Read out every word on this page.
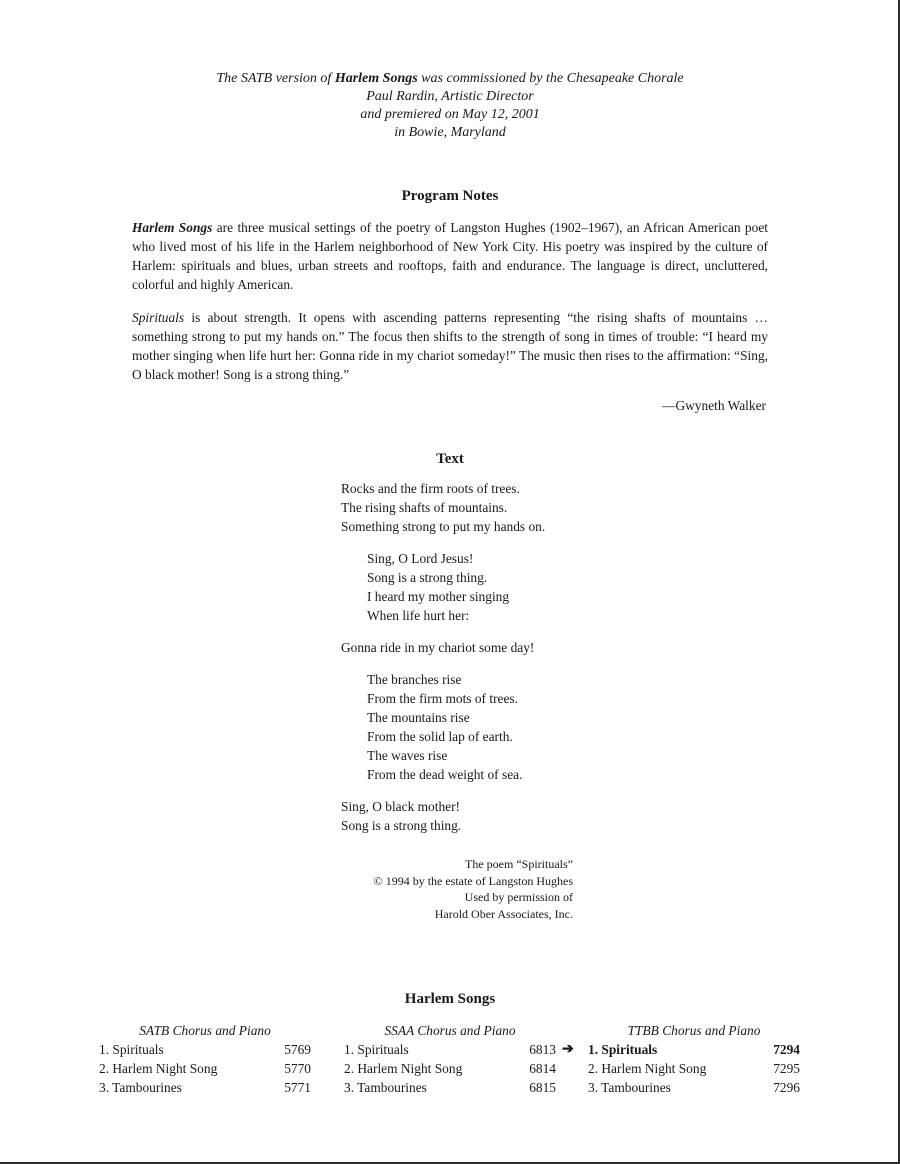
The SATB version of Harlem Songs was commissioned by the Chesapeake Chorale
Paul Rardin, Artistic Director
and premiered on May 12, 2001
in Bowie, Maryland
Program Notes
Harlem Songs are three musical settings of the poetry of Langston Hughes (1902–1967), an African American poet who lived most of his life in the Harlem neighborhood of New York City. His poetry was inspired by the culture of Harlem: spirituals and blues, urban streets and rooftops, faith and endurance. The language is direct, uncluttered, colorful and highly American.
Spirituals is about strength. It opens with ascending patterns representing “the rising shafts of mountains … something strong to put my hands on.” The focus then shifts to the strength of song in times of trouble: “I heard my mother singing when life hurt her: Gonna ride in my chariot someday!” The music then rises to the affirmation: “Sing, O black mother! Song is a strong thing.”
—Gwyneth Walker
Text
Rocks and the firm roots of trees.
The rising shafts of mountains.
Something strong to put my hands on.
Sing, O Lord Jesus!
Song is a strong thing.
I heard my mother singing
When life hurt her:
Gonna ride in my chariot some day!
The branches rise
From the firm mots of trees.
The mountains rise
From the solid lap of earth.
The waves rise
From the dead weight of sea.
Sing, O black mother!
Song is a strong thing.
The poem “Spirituals”
© 1994 by the estate of Langston Hughes
Used by permission of
Harold Ober Associates, Inc.
Harlem Songs
SATB Chorus and Piano
1. Spirituals	5769
2. Harlem Night Song	5770
3. Tambourines	5771
SSAA Chorus and Piano
1. Spirituals	6813
2. Harlem Night Song	6814
3. Tambourines	6815
TTBB Chorus and Piano
➔ 1. Spirituals	7294
2. Harlem Night Song	7295
3. Tambourines	7296
